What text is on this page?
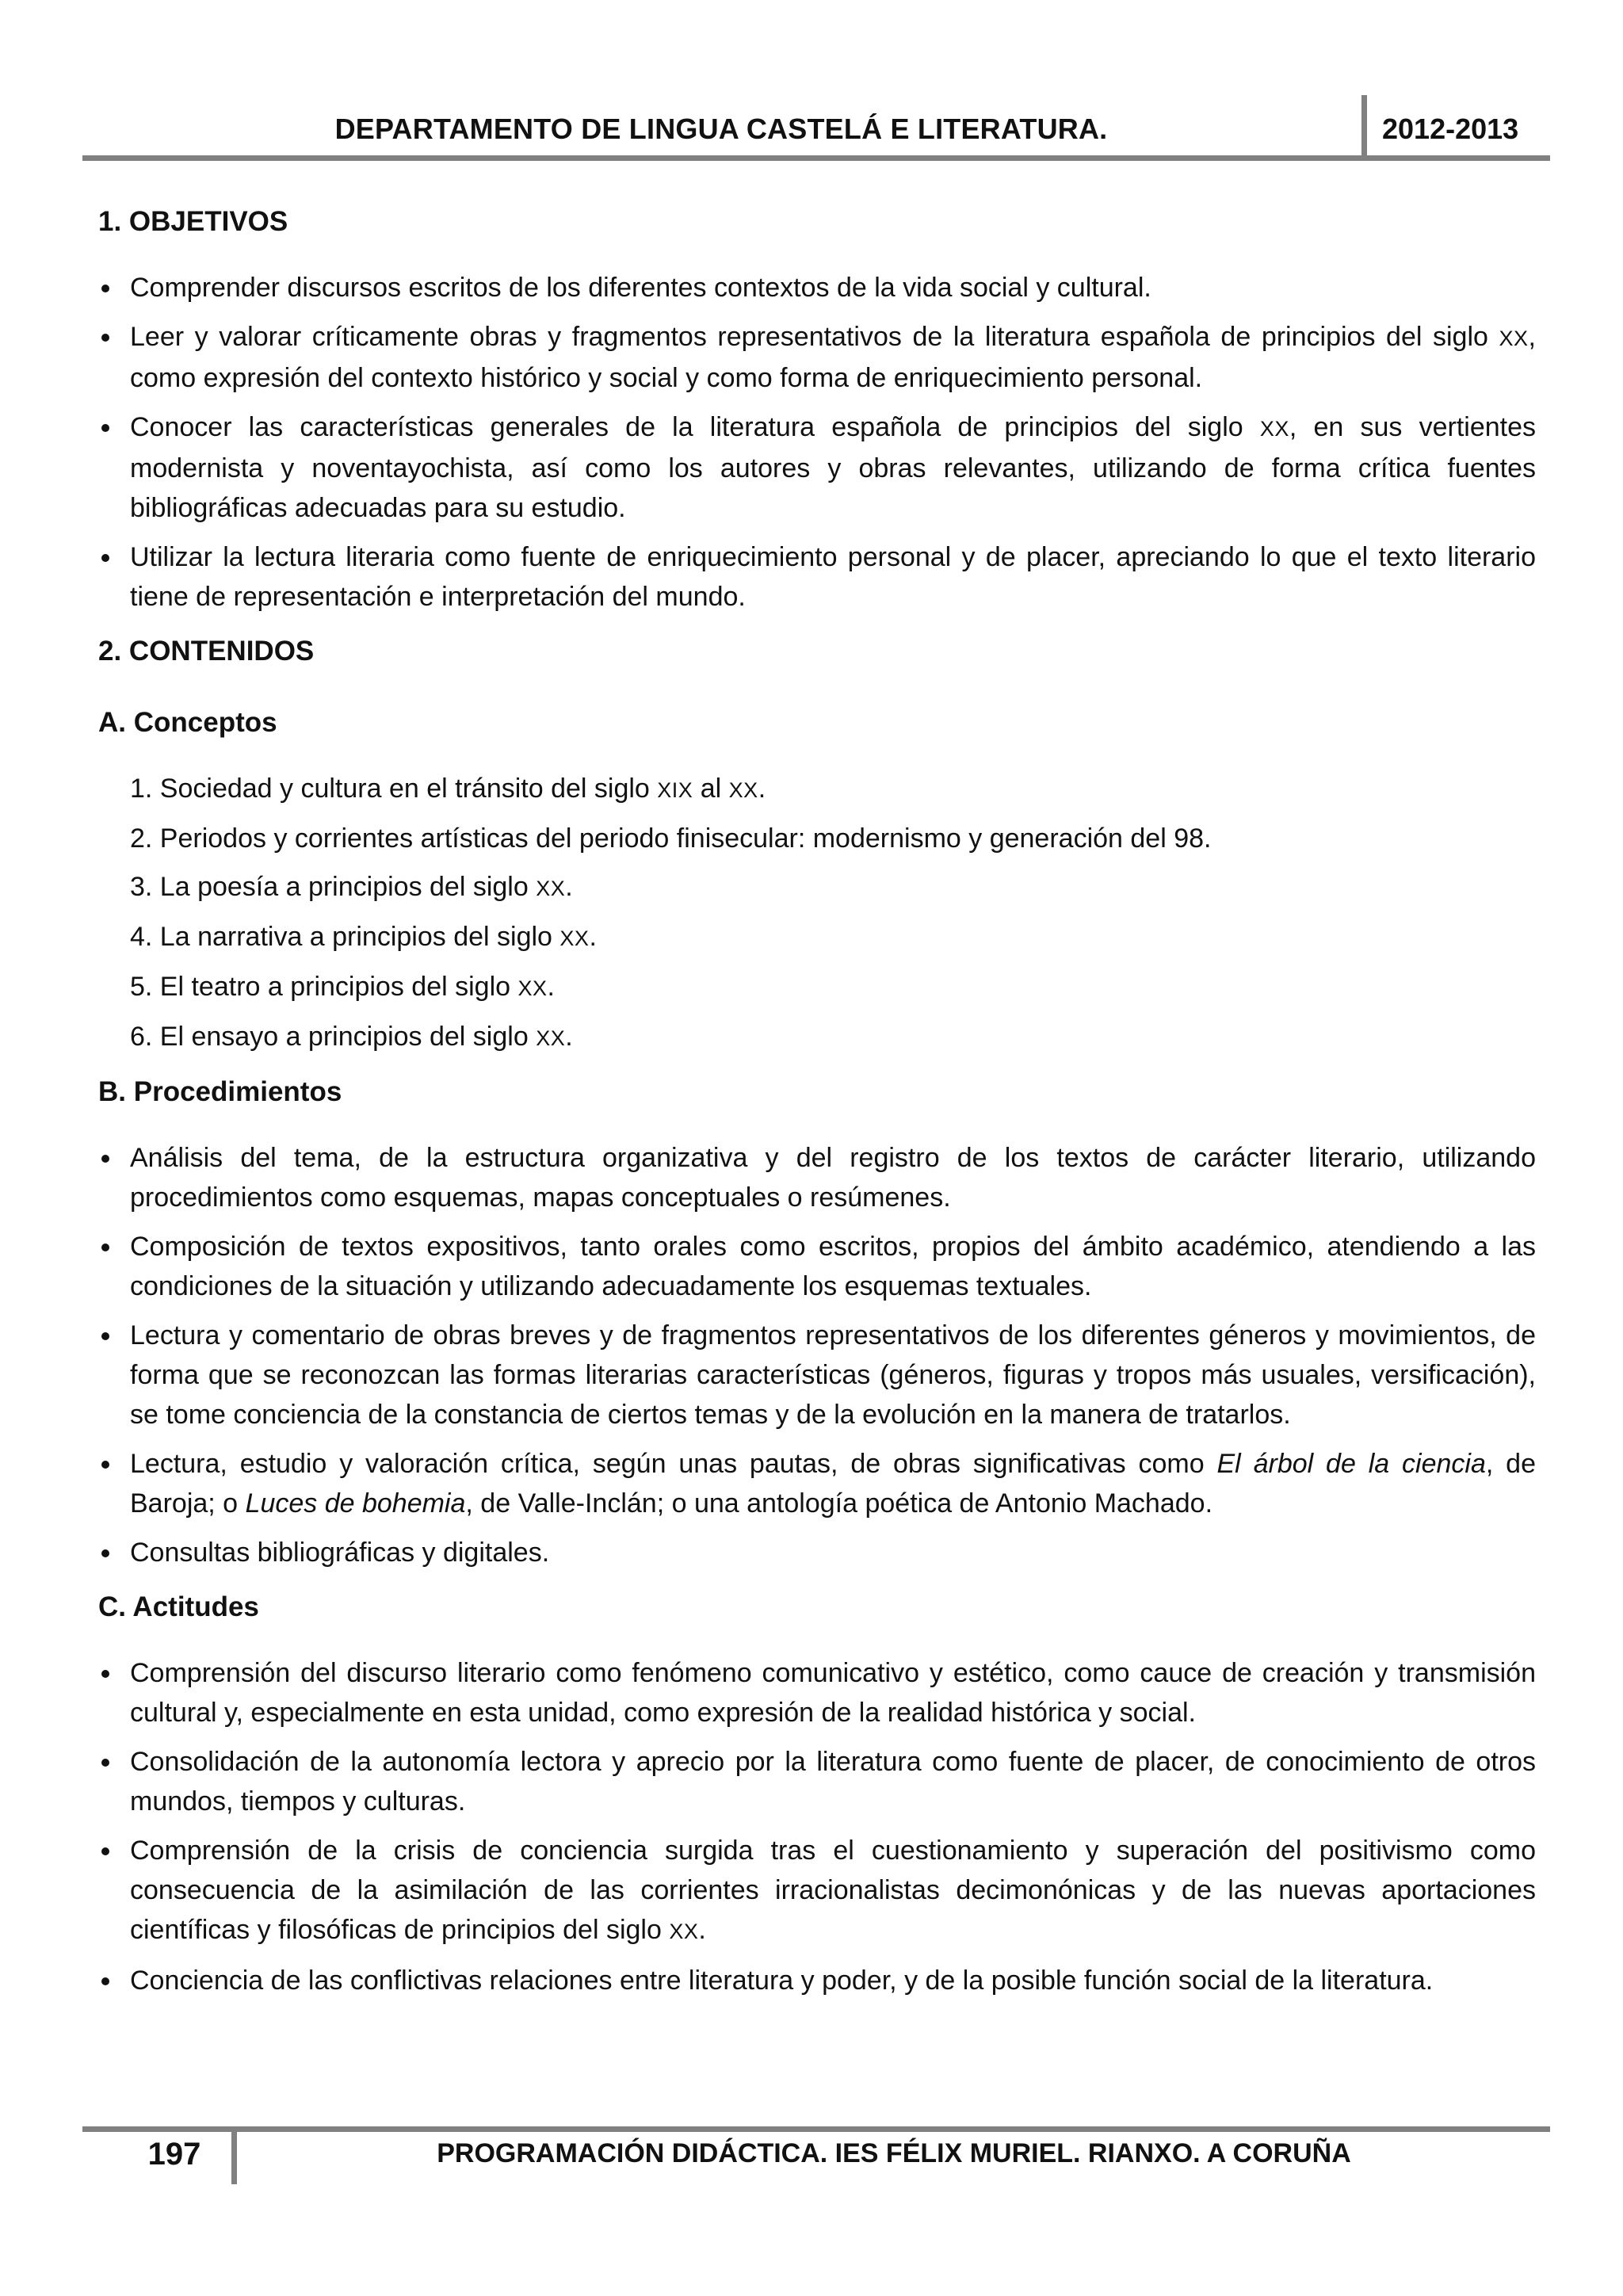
DEPARTAMENTO DE LINGUA CASTELÁ E LITERATURA.	2012-2013
1. OBJETIVOS
Comprender discursos escritos de los diferentes contextos de la vida social y cultural.
Leer y valorar críticamente obras y fragmentos representativos de la literatura española de principios del siglo XX, como expresión del contexto histórico y social y como forma de enriquecimiento personal.
Conocer las características generales de la literatura española de principios del siglo XX, en sus vertientes modernista y noventayochista, así como los autores y obras relevantes, utilizando de forma crítica fuentes bibliográficas adecuadas para su estudio.
Utilizar la lectura literaria como fuente de enriquecimiento personal y de placer, apreciando lo que el texto literario tiene de representación e interpretación del mundo.
2. CONTENIDOS
A. Conceptos
1. Sociedad y cultura en el tránsito del siglo XIX al XX.
2. Periodos y corrientes artísticas del periodo finisecular: modernismo y generación del 98.
3. La poesía a principios del siglo XX.
4. La narrativa a principios del siglo XX.
5. El teatro a principios del siglo XX.
6. El ensayo a principios del siglo XX.
B. Procedimientos
Análisis del tema, de la estructura organizativa y del registro de los textos de carácter literario, utilizando procedimientos como esquemas, mapas conceptuales o resúmenes.
Composición de textos expositivos, tanto orales como escritos, propios del ámbito académico, atendiendo a las condiciones de la situación y utilizando adecuadamente los esquemas textuales.
Lectura y comentario de obras breves y de fragmentos representativos de los diferentes géneros y movimientos, de forma que se reconozcan las formas literarias características (géneros, figuras y tropos más usuales, versificación), se tome conciencia de la constancia de ciertos temas y de la evolución en la manera de tratarlos.
Lectura, estudio y valoración crítica, según unas pautas, de obras significativas como El árbol de la ciencia, de Baroja; o Luces de bohemia, de Valle-Inclán; o una antología poética de Antonio Machado.
Consultas bibliográficas y digitales.
C. Actitudes
Comprensión del discurso literario como fenómeno comunicativo y estético, como cauce de creación y transmisión cultural y, especialmente en esta unidad, como expresión de la realidad histórica y social.
Consolidación de la autonomía lectora y aprecio por la literatura como fuente de placer, de conocimiento de otros mundos, tiempos y culturas.
Comprensión de la crisis de conciencia surgida tras el cuestionamiento y superación del positivismo como consecuencia de la asimilación de las corrientes irracionalistas decimonónicas y de las nuevas aportaciones científicas y filosóficas de principios del siglo XX.
Conciencia de las conflictivas relaciones entre literatura y poder, y de la posible función social de la literatura.
197	PROGRAMACIÓN DIDÁCTICA. IES FÉLIX MURIEL. RIANXO. A CORUÑA
